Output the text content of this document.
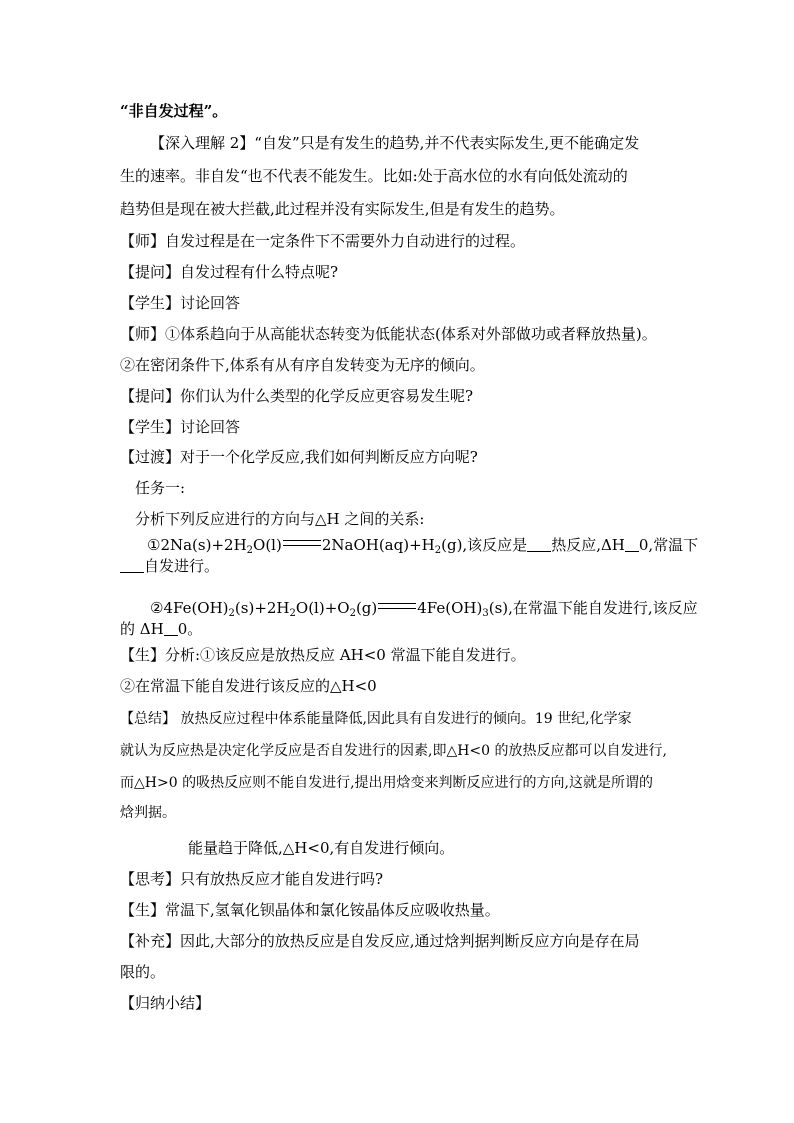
“非自发过程”。
【深入理解 2】“自发”只是有发生的趋势,并不代表实际发生,更不能确定发
生的速率。非自发“也不代表不能发生。比如:处于高水位的水有向低处流动的
趋势但是现在被大拦截,此过程并没有实际发生,但是有发生的趋势。
【师】自发过程是在一定条件下不需要外力自动进行的过程。
【提问】自发过程有什么特点呢?
【学生】讨论回答
【师】①体系趋向于从高能状态转变为低能状态(体系对外部做功或者释放热量)。
②在密闭条件下,体系有从有序自发转变为无序的倾向。
【提问】你们认为什么类型的化学反应更容易发生呢?
【学生】讨论回答
【过渡】对于一个化学反应,我们如何判断反应方向呢?
任务一:
分析下列反应进行的方向与△H 之间的关系:
$①2Na(s)+2H_2O(l)$	$2NaOH(aq)+H_2(g)$,该反应是 热反应,ΔH 0,常温下
自发进行。
$②4Fe(OH)_2(s)+2H_2O(l)+O_2(g)$	$4Fe(OH)_3(s)$,在常温下能自发进行,该反应
的 ΔH 0。
【生】分析:①该反应是放热反应 AH<0 常温下能自发进行。
②在常温下能自发进行该反应的△H<0
【总结】 放热反应过程中体系能量降低,因此具有自发进行的倾向。19 世纪,化学家
就认为反应热是决定化学反应是否自发进行的因素,即△H<0 的放热反应都可以自发进行,
而△H>0 的吸热反应则不能自发进行,提出用焓变来判断反应进行的方向,这就是所谓的
焓判据。
能量趋于降低,△H<0,有自发进行倾向。
【思考】只有放热反应才能自发进行吗?
【生】常温下,氢氧化钡晶体和氯化铵晶体反应吸收热量。
【补充】因此,大部分的放热反应是自发反应,通过焓判据判断反应方向是存在局
限的。
【归纳小结】
